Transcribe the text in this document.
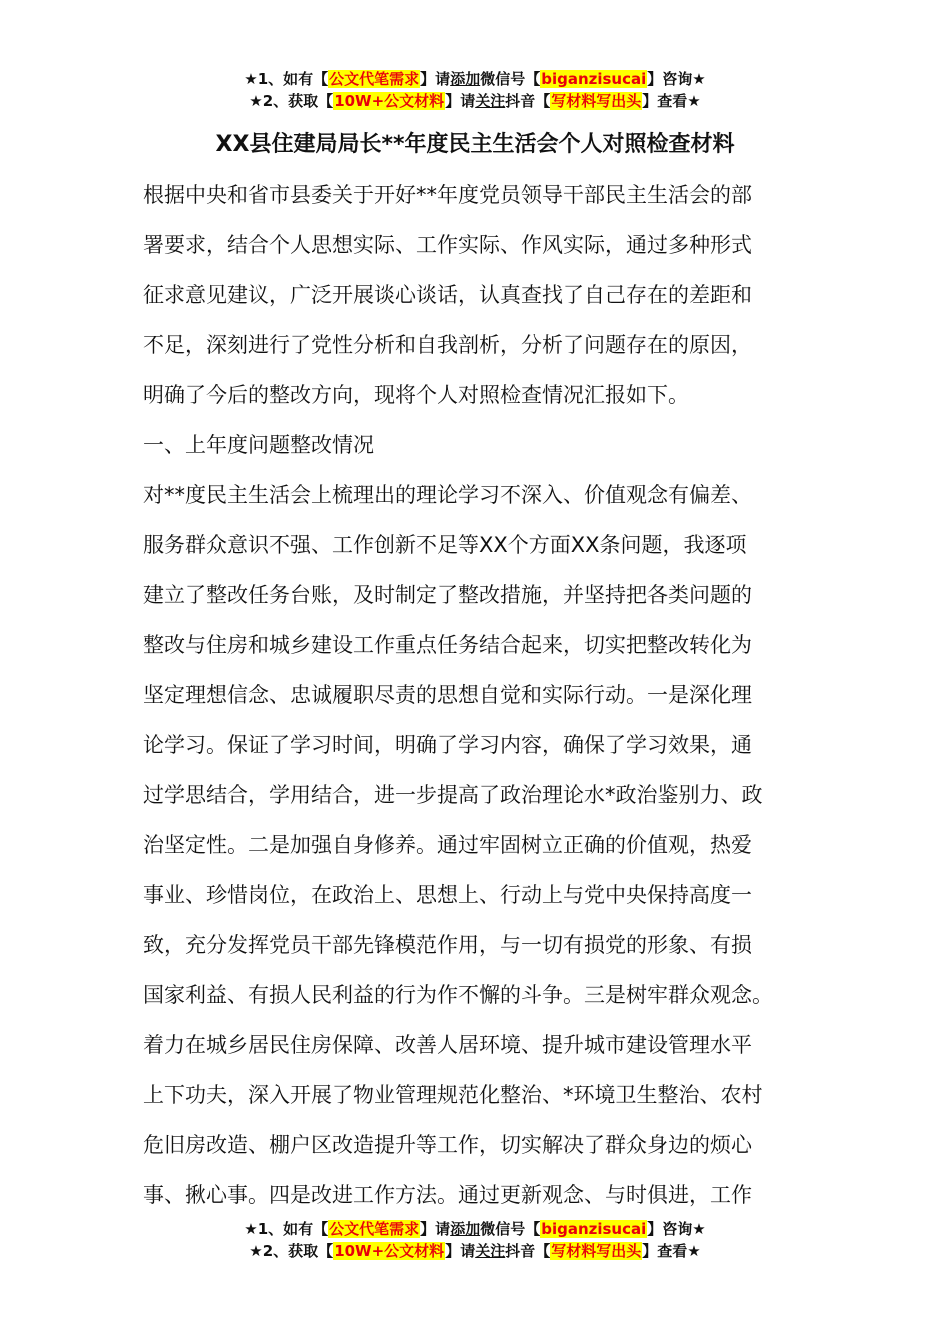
★1、如有【公文代笔需求】请添加微信号【biganzisucai】咨询★
★2、获取【10W+公文材料】请关注抖音【写材料写出头】查看★
XX县住建局局长**年度民主生活会个人对照检查材料

根据中央和省市县委关于开好**年度党员领导干部民主生活会的部

署要求，结合个人思想实际、工作实际、作风实际，通过多种形式

征求意见建议，广泛开展谈心谈话，认真查找了自己存在的差距和

不足，深刻进行了党性分析和自我剖析，分析了问题存在的原因，

明确了今后的整改方向，现将个人对照检查情况汇报如下。

一、上年度问题整改情况

对**度民主生活会上梳理出的理论学习不深入、价值观念有偏差、

服务群众意识不强、工作创新不足等XX个方面XX条问题，我逐项

建立了整改任务台账，及时制定了整改措施，并坚持把各类问题的

整改与住房和城乡建设工作重点任务结合起来，切实把整改转化为

坚定理想信念、忠诚履职尽责的思想自觉和实际行动。一是深化理

论学习。保证了学习时间，明确了学习内容，确保了学习效果，通

过学思结合，学用结合，进一步提高了政治理论水*政治鉴别力、政

治坚定性。二是加强自身修养。通过牢固树立正确的价值观，热爱

事业、珍惜岗位，在政治上、思想上、行动上与党中央保持高度一

致，充分发挥党员干部先锋模范作用，与一切有损党的形象、有损

国家利益、有损人民利益的行为作不懈的斗争。三是树牢群众观念。

着力在城乡居民住房保障、改善人居环境、提升城市建设管理水平

上下功夫，深入开展了物业管理规范化整治、*环境卫生整治、农村

危旧房改造、棚户区改造提升等工作，切实解决了群众身边的烦心

事、揪心事。四是改进工作方法。通过更新观念、与时俱进，工作

★1、如有【公文代笔需求】请添加微信号【biganzisucai】咨询★
★2、获取【10W+公文材料】请关注抖音【写材料写出头】查看★
